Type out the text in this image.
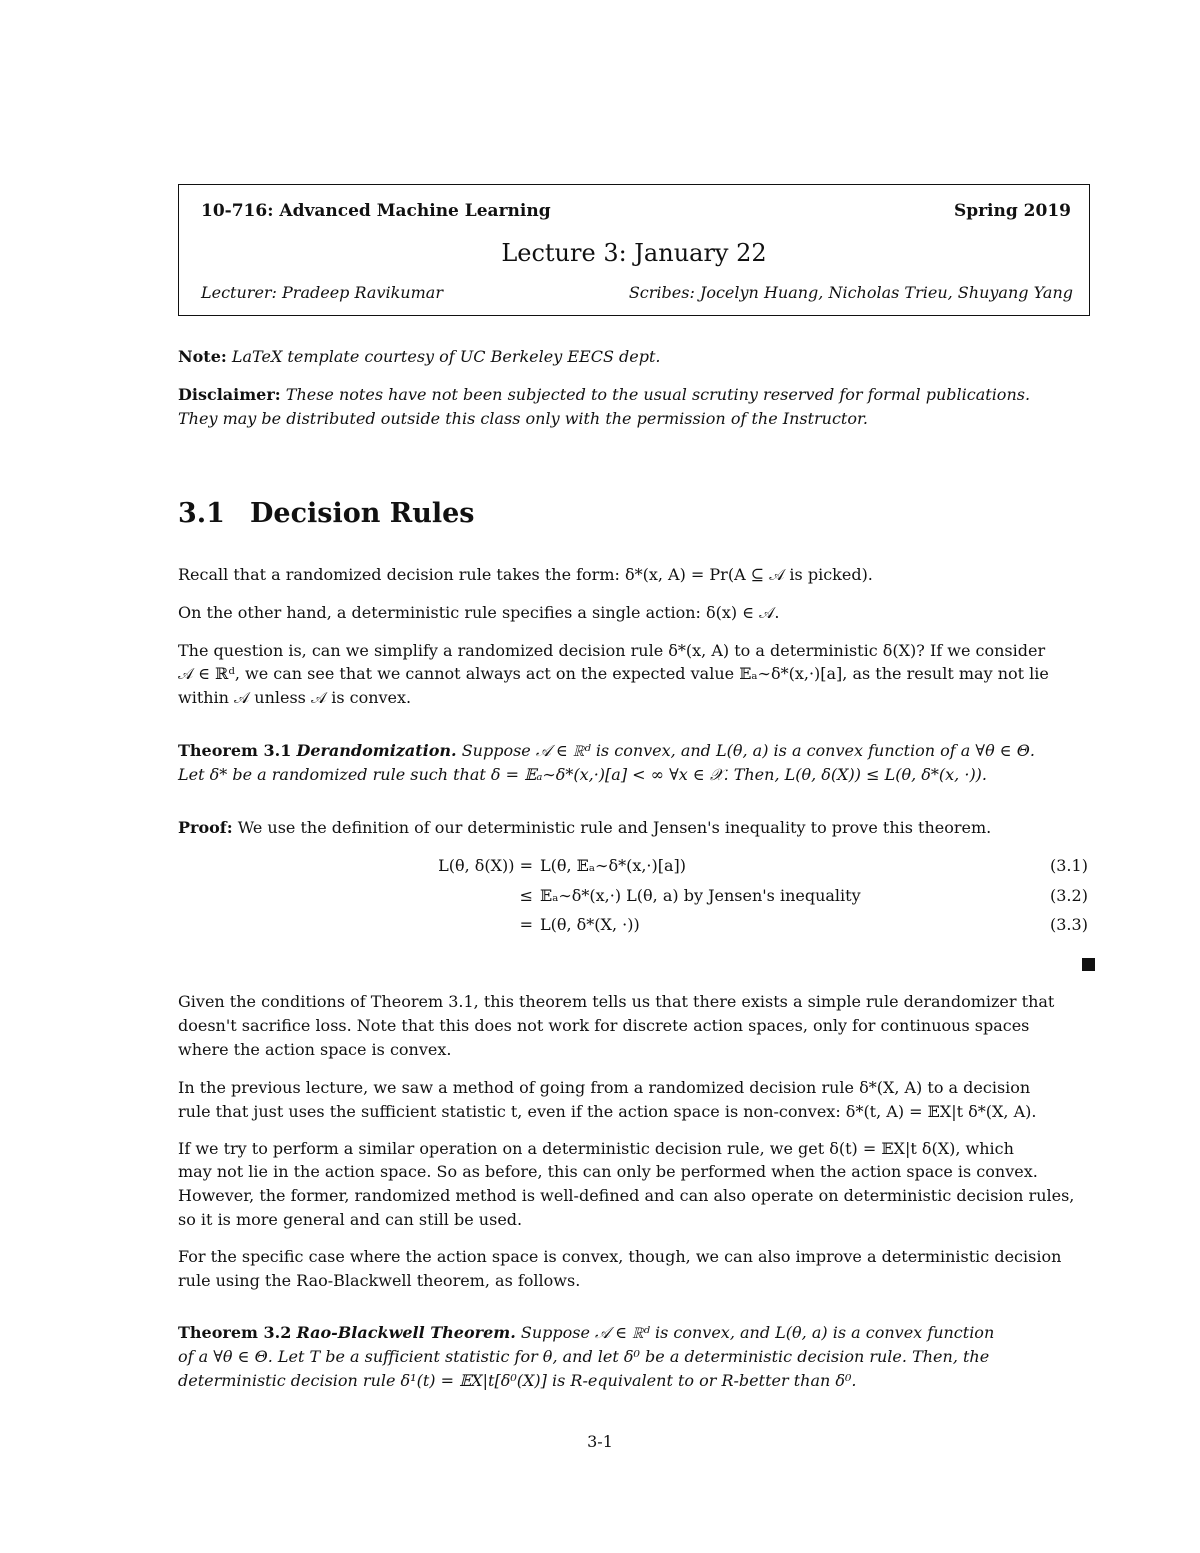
10-716: Advanced Machine Learning	Spring 2019
Lecture 3: January 22
Lecturer: Pradeep Ravikumar	Scribes: Jocelyn Huang, Nicholas Trieu, Shuyang Yang
Note: LaTeX template courtesy of UC Berkeley EECS dept.
Disclaimer: These notes have not been subjected to the usual scrutiny reserved for formal publications.
They may be distributed outside this class only with the permission of the Instructor.
3.1 Decision Rules
Recall that a randomized decision rule takes the form: δ*(x, A) = Pr(A ⊆ 𝒜 is picked).
On the other hand, a deterministic rule specifies a single action: δ(x) ∈ 𝒜.
The question is, can we simplify a randomized decision rule δ*(x, A) to a deterministic δ(X)? If we consider
𝒜 ∈ ℝᵈ, we can see that we cannot always act on the expected value 𝔼ₐ∼δ*(x,·)[a], as the result may not lie
within 𝒜 unless 𝒜 is convex.
Theorem 3.1 Derandomization. Suppose 𝒜 ∈ ℝᵈ is convex, and L(θ, a) is a convex function of a ∀θ ∈ Θ.
Let δ* be a randomized rule such that δ = 𝔼ₐ∼δ*(x,·)[a] < ∞ ∀x ∈ 𝒳. Then, L(θ, δ(X)) ≤ L(θ, δ*(x, ·)).
Proof: We use the definition of our deterministic rule and Jensen's inequality to prove this theorem.
L(θ, δ(X)) = L(θ, 𝔼ₐ∼δ*(x,·)[a])	(3.1)
≤ 𝔼ₐ∼δ*(x,·) L(θ, a) by Jensen's inequality	(3.2)
= L(θ, δ*(X, ·))	(3.3)
Given the conditions of Theorem 3.1, this theorem tells us that there exists a simple rule derandomizer that
doesn't sacrifice loss. Note that this does not work for discrete action spaces, only for continuous spaces
where the action space is convex.
In the previous lecture, we saw a method of going from a randomized decision rule δ*(X, A) to a decision
rule that just uses the sufficient statistic t, even if the action space is non-convex: δ*(t, A) = 𝔼X|t δ*(X, A).
If we try to perform a similar operation on a deterministic decision rule, we get δ(t) = 𝔼X|t δ(X), which
may not lie in the action space. So as before, this can only be performed when the action space is convex.
However, the former, randomized method is well-defined and can also operate on deterministic decision rules,
so it is more general and can still be used.
For the specific case where the action space is convex, though, we can also improve a deterministic decision
rule using the Rao-Blackwell theorem, as follows.
Theorem 3.2 Rao-Blackwell Theorem. Suppose 𝒜 ∈ ℝᵈ is convex, and L(θ, a) is a convex function
of a ∀θ ∈ Θ. Let T be a sufficient statistic for θ, and let δ⁰ be a deterministic decision rule. Then, the
deterministic decision rule δ¹(t) = 𝔼X|t[δ⁰(X)] is R-equivalent to or R-better than δ⁰.
3-1
